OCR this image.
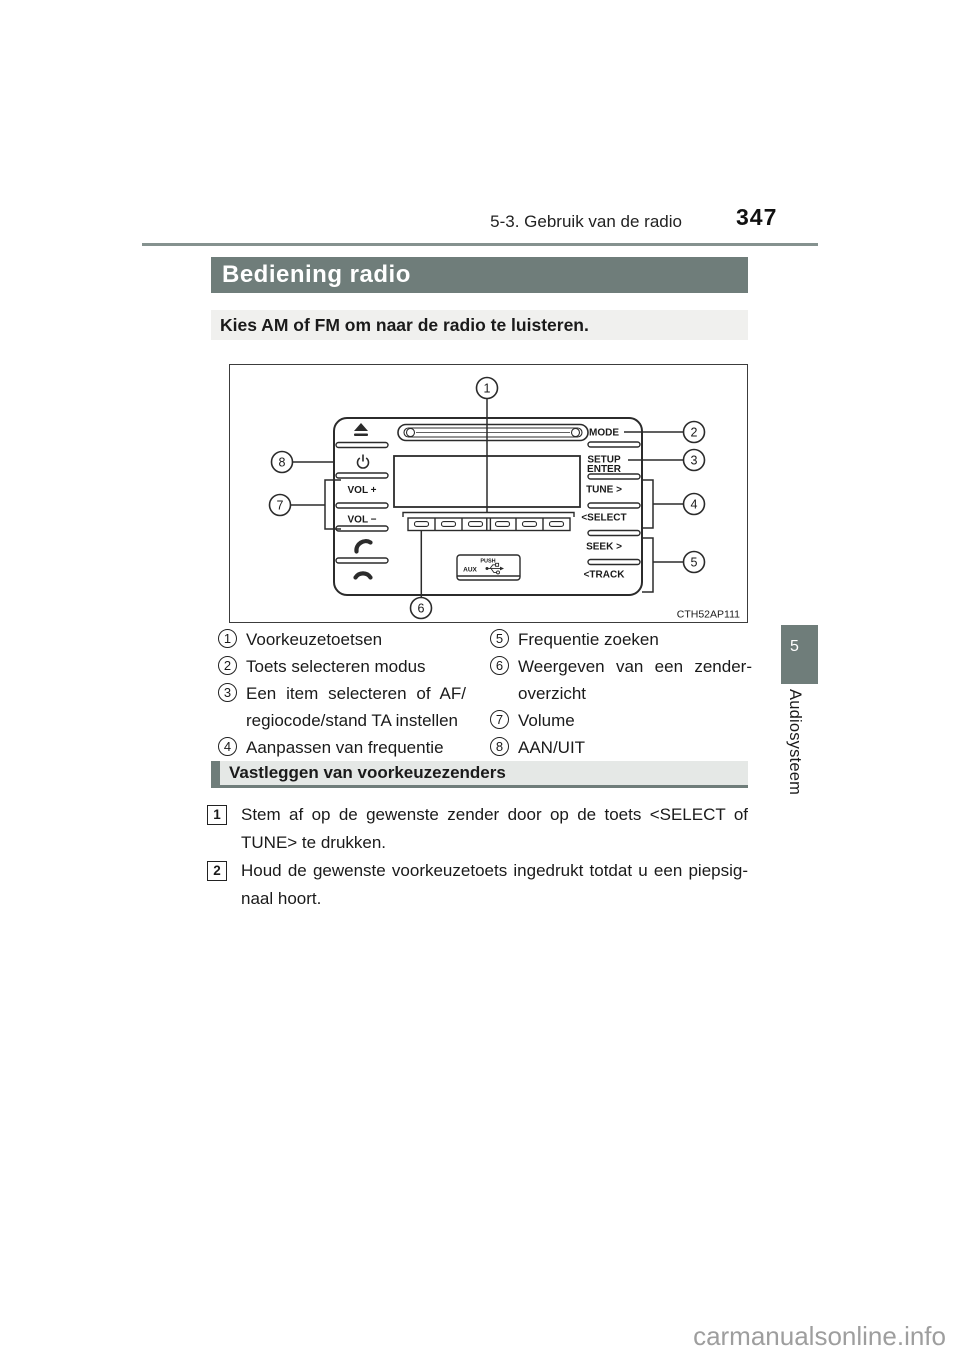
5-3. Gebruik van de radio 347
Bediening radio
Kies AM of FM om naar de radio te luisteren.
MODE
SETUP
ENTER
TUNE >
<SELECT
SEEK >
<TRACK
VOL +
VOL −
PUSH
AUX
1
2
3
4
5
6
7
8
CTH52AP111
1 Voorkeuzetoetsen
2 Toets selecteren modus
3 Een item selecteren of AF/
regiocode/stand TA instellen
4 Aanpassen van frequentie
5 Frequentie zoeken
6 Weergeven van een zender-
overzicht
7 Volume
8 AAN/UIT
Vastleggen van voorkeuzezenders
1	Stem af op de gewenste zender door op de toets <SELECT of
TUNE> te drukken.
2	Houd de gewenste voorkeuzetoets ingedrukt totdat u een piepsig-
naal hoort.
5
Audiosysteem
carmanualsonline.info
